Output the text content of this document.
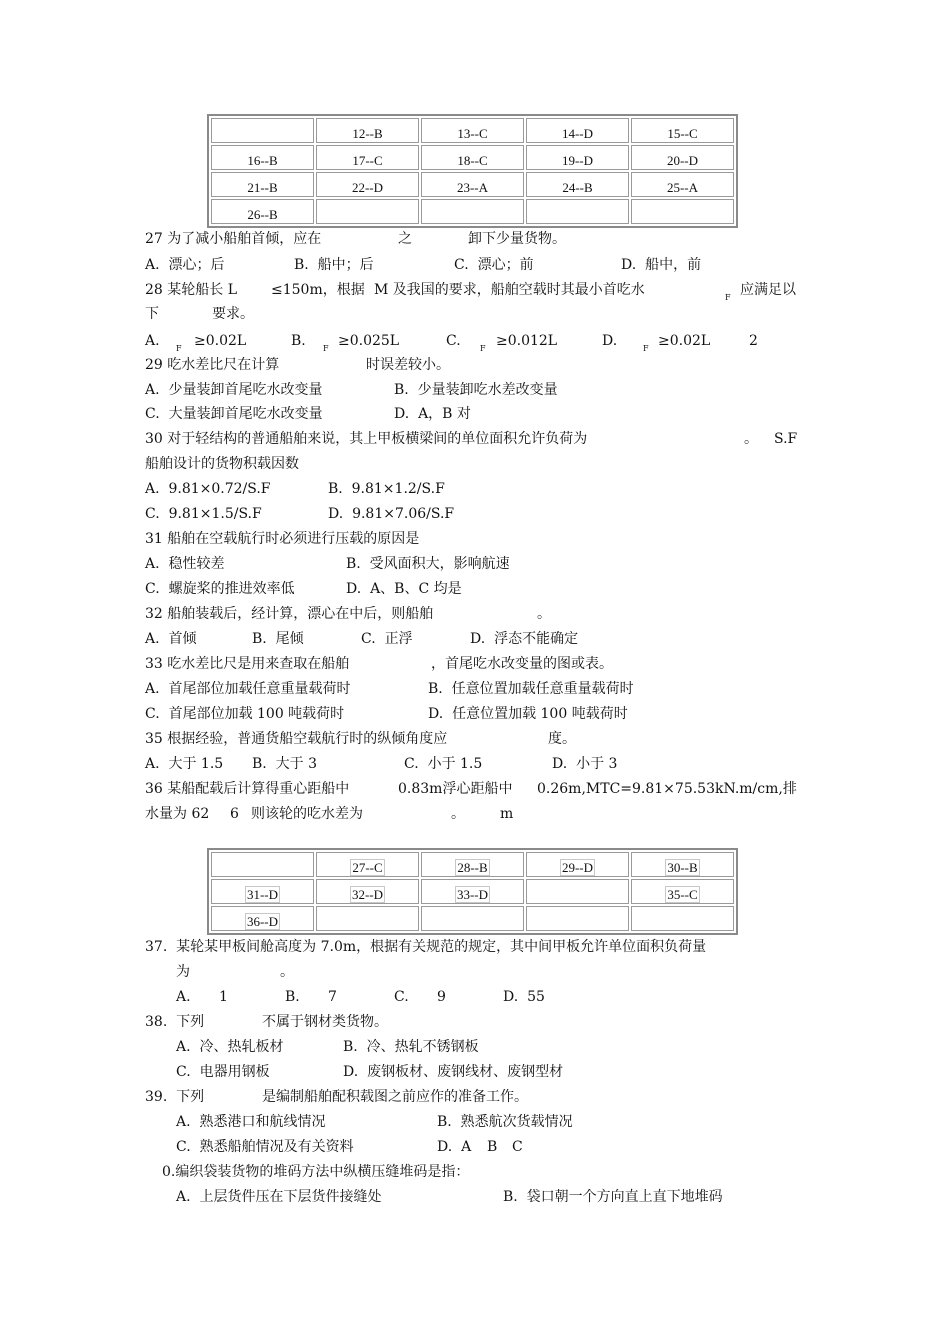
	12--B	13--C	14--D	15--C
16--B	17--C	18--C	19--D	20--D
21--B	22--D	23--A	24--B	25--A
26--B				
27 为了减小船舶首倾，应在	之	卸下少量货物。
A.  漂心；后	B.  船中；后	C.  漂心；前	D.  船中，前
28 某轮船长 L ≤150m，根据 M 及我国的要求，船舶空载时其最小首吃水	F 应满足以
下	要求。
A. F ≥0.02L	B. F ≥0.025L	C. F ≥0.012L	D.	F ≥0.02L	2
29 吃水差比尺在计算	时误差较小。
A.  少量装卸首尾吃水改变量	B.  少量装卸吃水差改变量
C.  大量装卸首尾吃水改变量	D.  A，B 对
30 对于轻结构的普通船舶来说，其上甲板横梁间的单位面积允许负荷为	。 S.F
船舶设计的货物积载因数
A.  9.81×0.72/S.F	B.  9.81×1.2/S.F
C.  9.81×1.5/S.F	D.  9.81×7.06/S.F
31 船舶在空载航行时必须进行压载的原因是
A.  稳性较差	B.  受风面积大，影响航速
C.  螺旋桨的推进效率低	D.  A、B、C 均是
32 船舶装载后，经计算，漂心在中后，则船舶	。
A.  首倾	B.  尾倾	C.  正浮	D.  浮态不能确定
33 吃水差比尺是用来查取在船舶	，首尾吃水改变量的图或表。
A.  首尾部位加载任意重量载荷时	B.  任意位置加载任意重量载荷时
C.  首尾部位加载 100 吨载荷时	D.  任意位置加载 100 吨载荷时
35 根据经验，普通货船空载航行时的纵倾角度应	度。
A.  大于 1.5 B.  大于 3	C.  小于 1.5	D.  小于 3
36 某船配载后计算得重心距船中	0.83m浮心距船中 0.26m,MTC=9.81×75.53kN.m/cm,排
水量为 62 6 则该轮的吃水差为	。	m
	27--C	28--B	29--D	30--B
31--D	32--D	33--D		35--C
36--D				
37.  某轮某甲板间舱高度为 7.0m，根据有关规范的规定，其中间甲板允许单位面积负荷量
为	。
A. 1	B. 7	C. 9	D.  55
38.  下列	不属于钢材类货物。
A.  冷、热轧板材	B.  冷、热轧不锈钢板
C.  电器用钢板	D.  废钢板材、废钢线材、废钢型材
39.  下列	是编制船舶配积载图之前应作的准备工作。
A.  熟悉港口和航线情况	B.  熟悉航次货载情况
C.  熟悉船舶情况及有关资料	D.  A B C
0.编织袋装货物的堆码方法中纵横压缝堆码是指：
A.  上层货件压在下层货件接缝处	B.  袋口朝一个方向直上直下地堆码
